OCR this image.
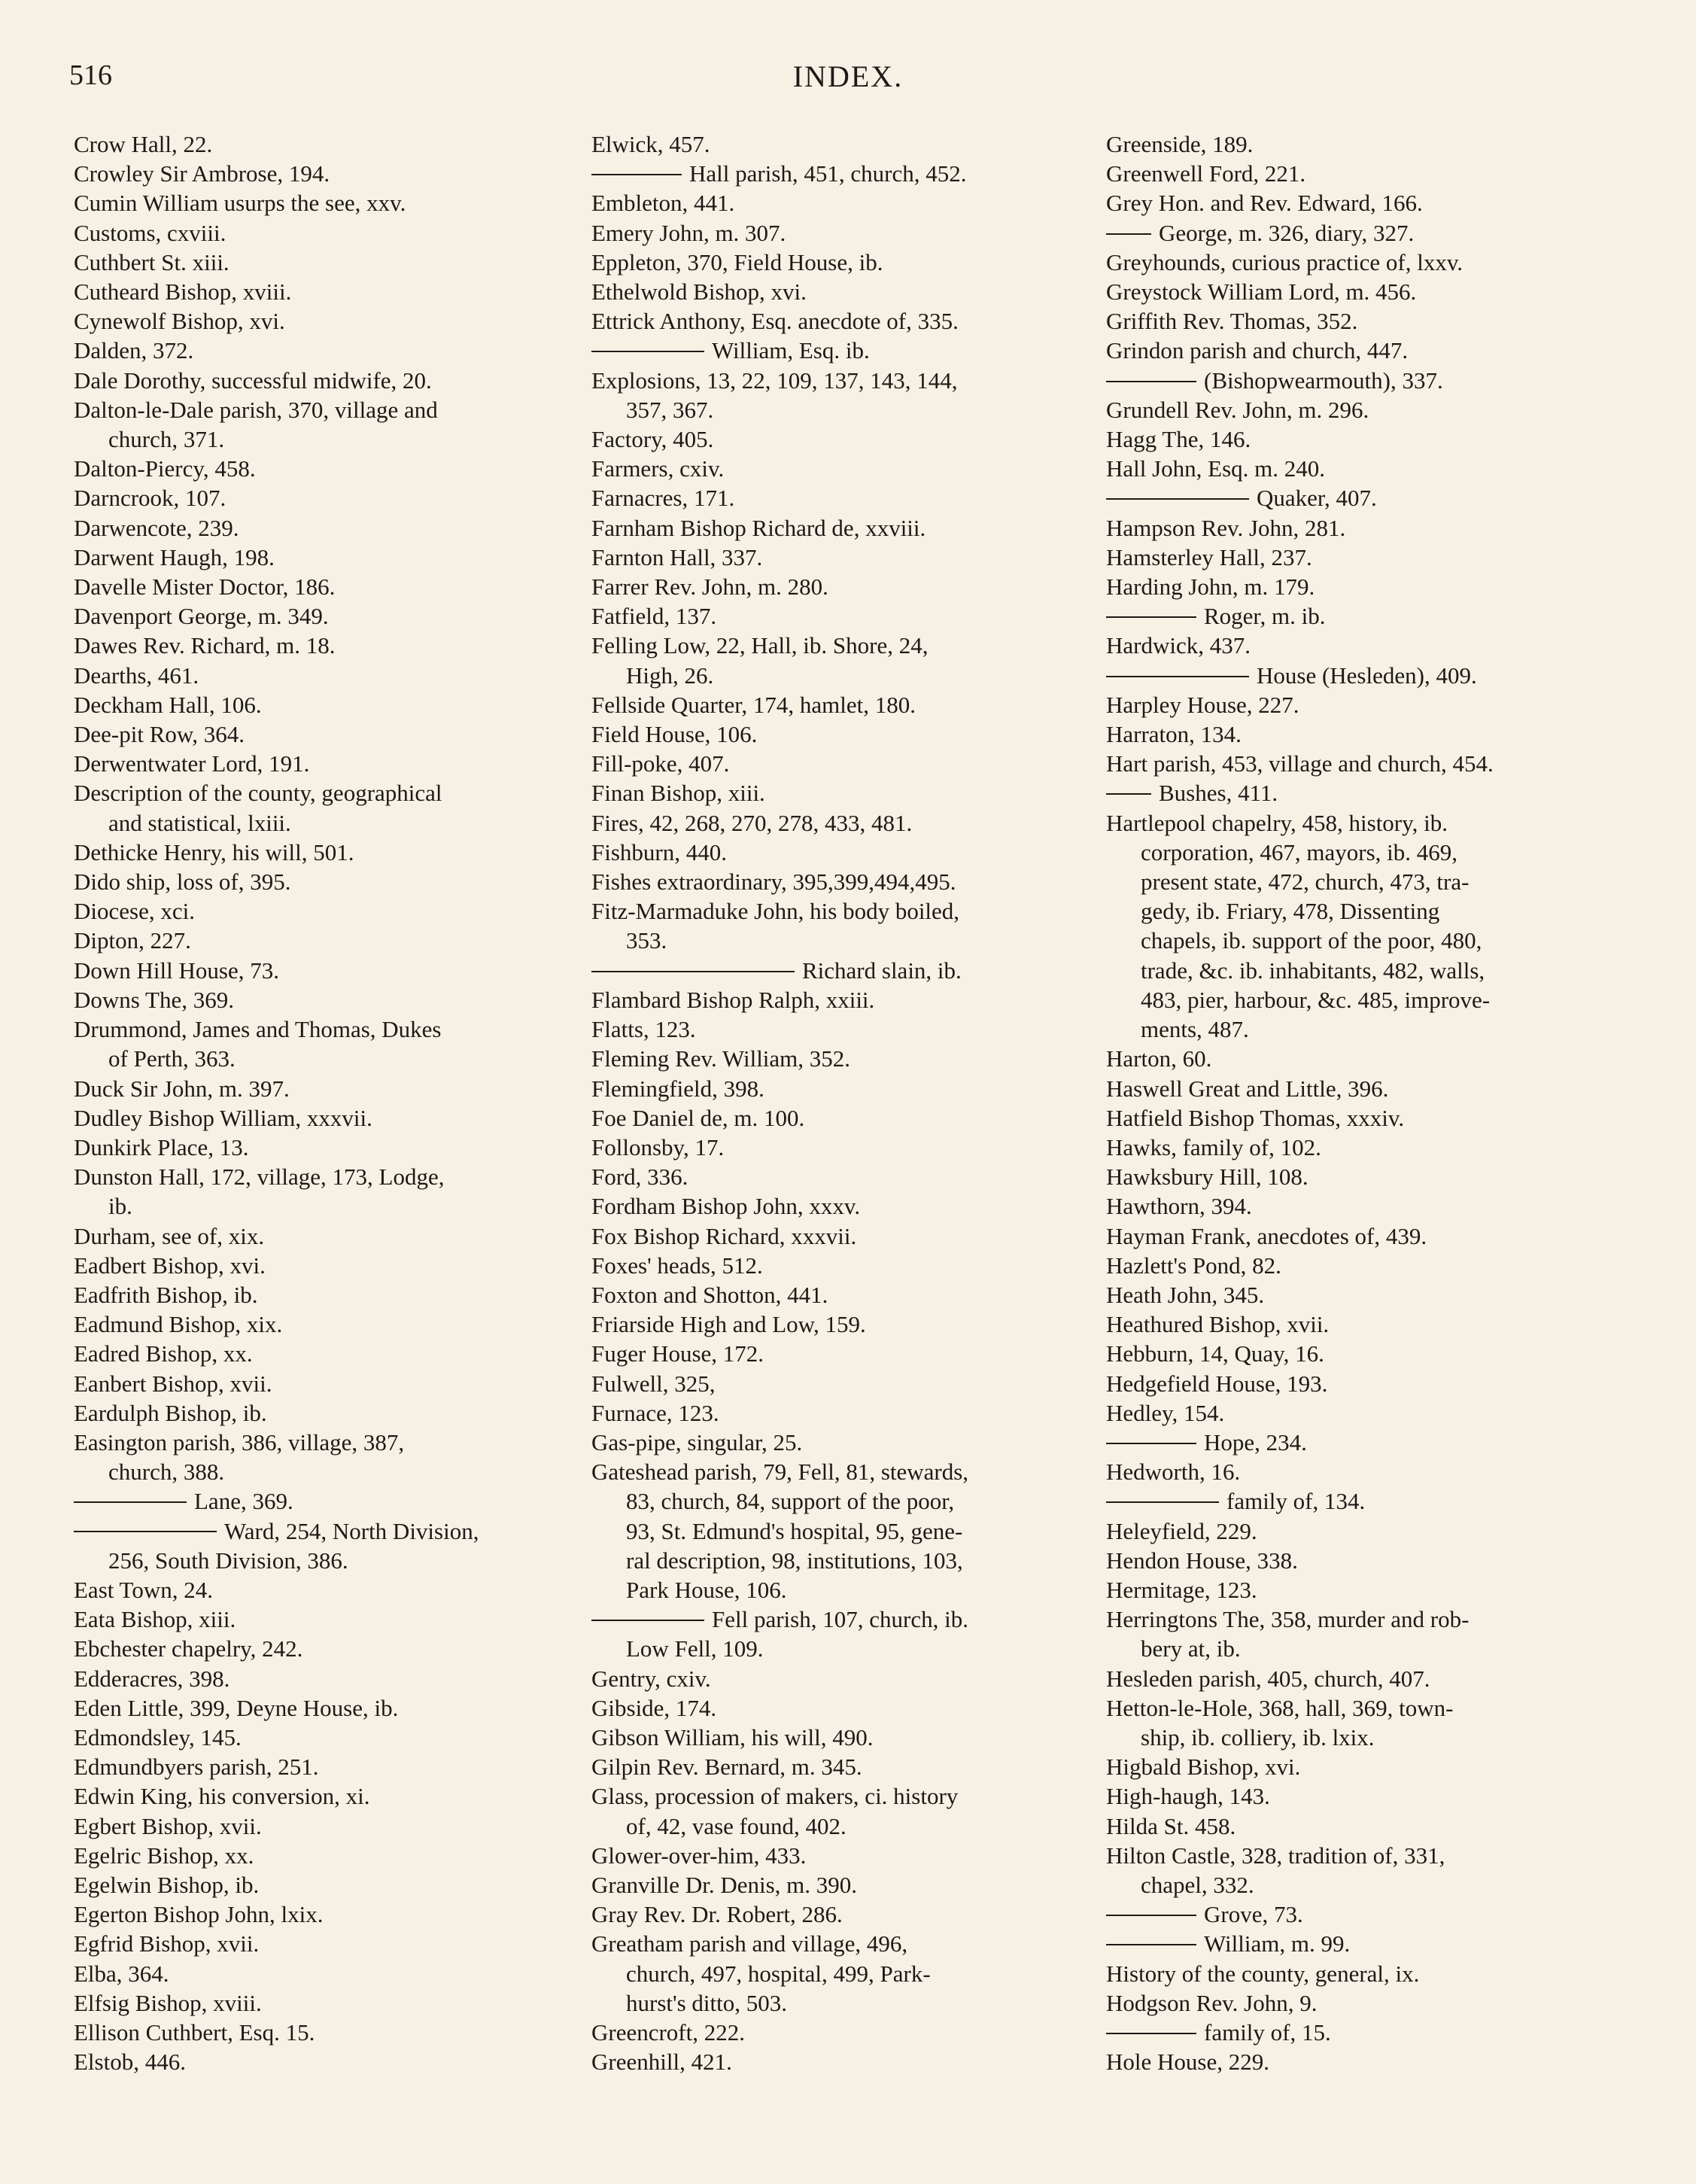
516	INDEX.
Crow Hall, 22.
Crowley Sir Ambrose, 194.
Cumin William usurps the see, xxv.
Customs, cxviii.
Cuthbert St. xiii.
Cutheard Bishop, xviii.
Cynewolf Bishop, xvi.
Dalden, 372.
Dale Dorothy, successful midwife, 20.
Dalton-le-Dale parish, 370, village and
church, 371.
Dalton-Piercy, 458.
Darncrook, 107.
Darwencote, 239.
Darwent Haugh, 198.
Davelle Mister Doctor, 186.
Davenport George, m. 349.
Dawes Rev. Richard, m. 18.
Dearths, 461.
Deckham Hall, 106.
Dee-pit Row, 364.
Derwentwater Lord, 191.
Description of the county, geographical
and statistical, lxiii.
Dethicke Henry, his will, 501.
Dido ship, loss of, 395.
Diocese, xci.
Dipton, 227.
Down Hill House, 73.
Downs The, 369.
Drummond, James and Thomas, Dukes
of Perth, 363.
Duck Sir John, m. 397.
Dudley Bishop William, xxxvii.
Dunkirk Place, 13.
Dunston Hall, 172, village, 173, Lodge,
ib.
Durham, see of, xix.
Eadbert Bishop, xvi.
Eadfrith Bishop, ib.
Eadmund Bishop, xix.
Eadred Bishop, xx.
Eanbert Bishop, xvii.
Eardulph Bishop, ib.
Easington parish, 386, village, 387,
church, 388.
Lane, 369.
Ward, 254, North Division,
256, South Division, 386.
East Town, 24.
Eata Bishop, xiii.
Ebchester chapelry, 242.
Edderacres, 398.
Eden Little, 399, Deyne House, ib.
Edmondsley, 145.
Edmundbyers parish, 251.
Edwin King, his conversion, xi.
Egbert Bishop, xvii.
Egelric Bishop, xx.
Egelwin Bishop, ib.
Egerton Bishop John, lxix.
Egfrid Bishop, xvii.
Elba, 364.
Elfsig Bishop, xviii.
Ellison Cuthbert, Esq. 15.
Elstob, 446.
Elwick, 457.
Hall parish, 451, church, 452.
Embleton, 441.
Emery John, m. 307.
Eppleton, 370, Field House, ib.
Ethelwold Bishop, xvi.
Ettrick Anthony, Esq. anecdote of, 335.
William, Esq. ib.
Explosions, 13, 22, 109, 137, 143, 144,
357, 367.
Factory, 405.
Farmers, cxiv.
Farnacres, 171.
Farnham Bishop Richard de, xxviii.
Farnton Hall, 337.
Farrer Rev. John, m. 280.
Fatfield, 137.
Felling Low, 22, Hall, ib. Shore, 24,
High, 26.
Fellside Quarter, 174, hamlet, 180.
Field House, 106.
Fill-poke, 407.
Finan Bishop, xiii.
Fires, 42, 268, 270, 278, 433, 481.
Fishburn, 440.
Fishes extraordinary, 395,399,494,495.
Fitz-Marmaduke John, his body boiled,
353.
Richard slain, ib.
Flambard Bishop Ralph, xxiii.
Flatts, 123.
Fleming Rev. William, 352.
Flemingfield, 398.
Foe Daniel de, m. 100.
Follonsby, 17.
Ford, 336.
Fordham Bishop John, xxxv.
Fox Bishop Richard, xxxvii.
Foxes' heads, 512.
Foxton and Shotton, 441.
Friarside High and Low, 159.
Fuger House, 172.
Fulwell, 325,
Furnace, 123.
Gas-pipe, singular, 25.
Gateshead parish, 79, Fell, 81, stewards,
83, church, 84, support of the poor,
93, St. Edmund's hospital, 95, gene-
ral description, 98, institutions, 103,
Park House, 106.
Fell parish, 107, church, ib.
Low Fell, 109.
Gentry, cxiv.
Gibside, 174.
Gibson William, his will, 490.
Gilpin Rev. Bernard, m. 345.
Glass, procession of makers, ci. history
of, 42, vase found, 402.
Glower-over-him, 433.
Granville Dr. Denis, m. 390.
Gray Rev. Dr. Robert, 286.
Greatham parish and village, 496,
church, 497, hospital, 499, Park-
hurst's ditto, 503.
Greencroft, 222.
Greenhill, 421.
Greenside, 189.
Greenwell Ford, 221.
Grey Hon. and Rev. Edward, 166.
George, m. 326, diary, 327.
Greyhounds, curious practice of, lxxv.
Greystock William Lord, m. 456.
Griffith Rev. Thomas, 352.
Grindon parish and church, 447.
(Bishopwearmouth), 337.
Grundell Rev. John, m. 296.
Hagg The, 146.
Hall John, Esq. m. 240.
Quaker, 407.
Hampson Rev. John, 281.
Hamsterley Hall, 237.
Harding John, m. 179.
Roger, m. ib.
Hardwick, 437.
House (Hesleden), 409.
Harpley House, 227.
Harraton, 134.
Hart parish, 453, village and church, 454.
Bushes, 411.
Hartlepool chapelry, 458, history, ib.
corporation, 467, mayors, ib. 469,
present state, 472, church, 473, tra-
gedy, ib. Friary, 478, Dissenting
chapels, ib. support of the poor, 480,
trade, &c. ib. inhabitants, 482, walls,
483, pier, harbour, &c. 485, improve-
ments, 487.
Harton, 60.
Haswell Great and Little, 396.
Hatfield Bishop Thomas, xxxiv.
Hawks, family of, 102.
Hawksbury Hill, 108.
Hawthorn, 394.
Hayman Frank, anecdotes of, 439.
Hazlett's Pond, 82.
Heath John, 345.
Heathured Bishop, xvii.
Hebburn, 14, Quay, 16.
Hedgefield House, 193.
Hedley, 154.
Hope, 234.
Hedworth, 16.
family of, 134.
Heleyfield, 229.
Hendon House, 338.
Hermitage, 123.
Herringtons The, 358, murder and rob-
bery at, ib.
Hesleden parish, 405, church, 407.
Hetton-le-Hole, 368, hall, 369, town-
ship, ib. colliery, ib. lxix.
Higbald Bishop, xvi.
High-haugh, 143.
Hilda St. 458.
Hilton Castle, 328, tradition of, 331,
chapel, 332.
Grove, 73.
William, m. 99.
History of the county, general, ix.
Hodgson Rev. John, 9.
family of, 15.
Hole House, 229.
